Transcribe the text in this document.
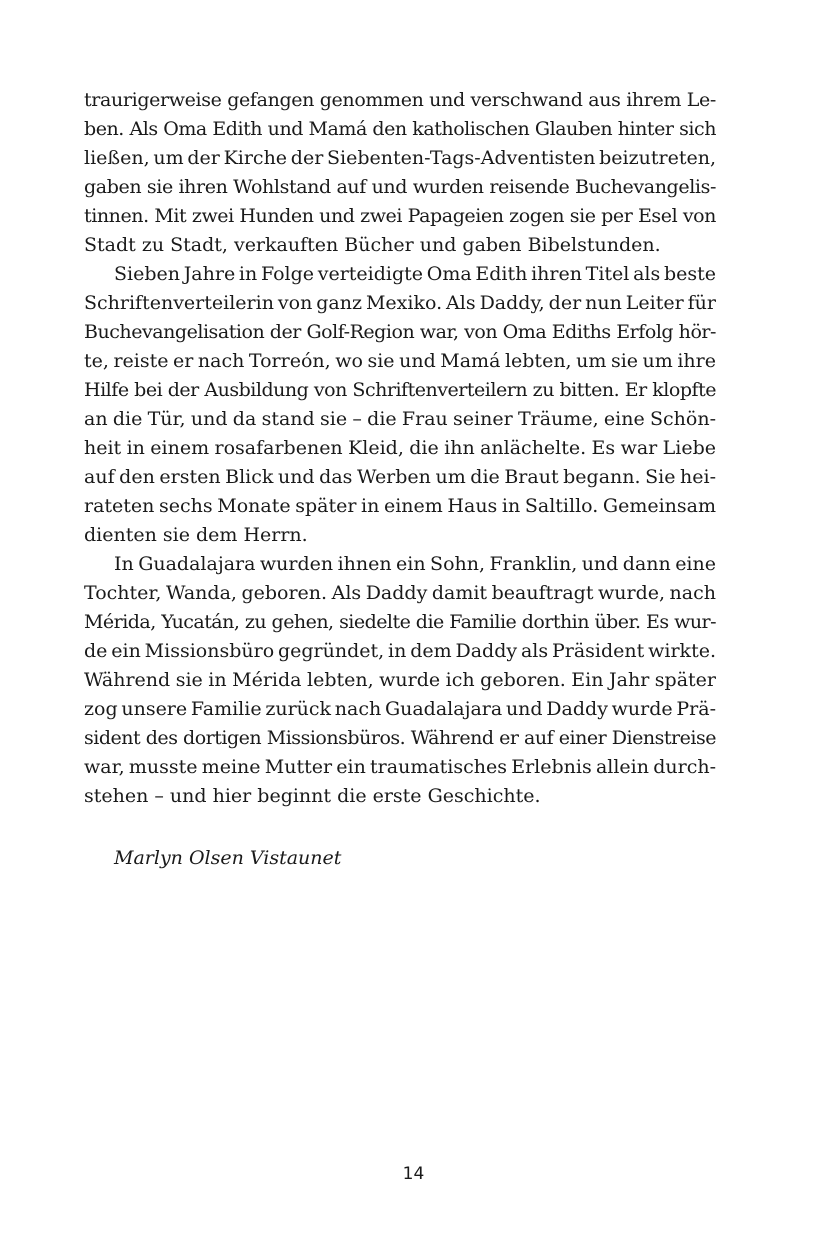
traurigerweise gefangen genommen und verschwand aus ihrem Le-
ben. Als Oma Edith und Mamá den katholischen Glauben hinter sich
ließen, um der Kirche der Siebenten-Tags-Adventisten beizutreten,
gaben sie ihren Wohlstand auf und wurden reisende Buchevangelis-
tinnen. Mit zwei Hunden und zwei Papageien zogen sie per Esel von
Stadt zu Stadt, verkauften Bücher und gaben Bibelstunden.
Sieben Jahre in Folge verteidigte Oma Edith ihren Titel als beste
Schriftenverteilerin von ganz Mexiko. Als Daddy, der nun Leiter für
Buchevangelisation der Golf-Region war, von Oma Ediths Erfolg hör-
te, reiste er nach Torreón, wo sie und Mamá lebten, um sie um ihre
Hilfe bei der Ausbildung von Schriftenverteilern zu bitten. Er klopfte
an die Tür, und da stand sie – die Frau seiner Träume, eine Schön-
heit in einem rosafarbenen Kleid, die ihn anlächelte. Es war Liebe
auf den ersten Blick und das Werben um die Braut begann. Sie hei-
rateten sechs Monate später in einem Haus in Saltillo. Gemeinsam
dienten sie dem Herrn.
In Guadalajara wurden ihnen ein Sohn, Franklin, und dann eine
Tochter, Wanda, geboren. Als Daddy damit beauftragt wurde, nach
Mérida, Yucatán, zu gehen, siedelte die Familie dorthin über. Es wur-
de ein Missionsbüro gegründet, in dem Daddy als Präsident wirkte.
Während sie in Mérida lebten, wurde ich geboren. Ein Jahr später
zog unsere Familie zurück nach Guadalajara und Daddy wurde Prä-
sident des dortigen Missionsbüros. Während er auf einer Dienstreise
war, musste meine Mutter ein traumatisches Erlebnis allein durch-
stehen – und hier beginnt die erste Geschichte.
Marlyn Olsen Vistaunet
14
